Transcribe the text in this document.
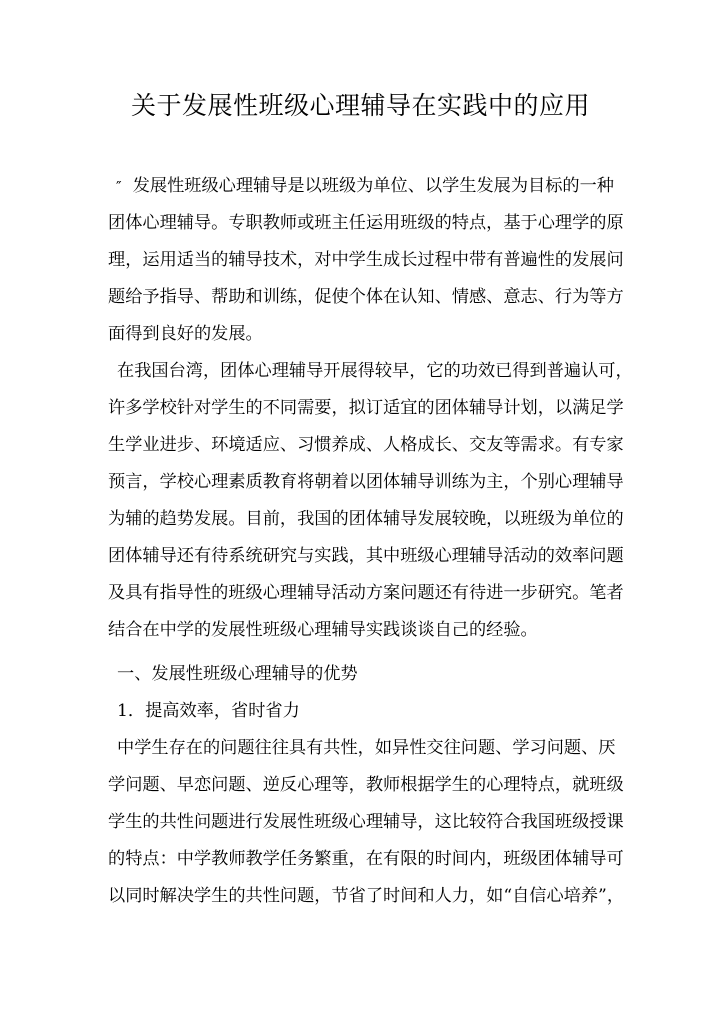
关于发展性班级心理辅导在实践中的应用
″ 发展性班级心理辅导是以班级为单位、以学生发展为目标的一种
团体心理辅导。专职教师或班主任运用班级的特点，基于心理学的原
理，运用适当的辅导技术，对中学生成长过程中带有普遍性的发展问
题给予指导、帮助和训练，促使个体在认知、情感、意志、行为等方
面得到良好的发展。
在我国台湾，团体心理辅导开展得较早，它的功效已得到普遍认可，
许多学校针对学生的不同需要，拟订适宜的团体辅导计划，以满足学
生学业进步、环境适应、习惯养成、人格成长、交友等需求。有专家
预言，学校心理素质教育将朝着以团体辅导训练为主，个别心理辅导
为辅的趋势发展。目前，我国的团体辅导发展较晚，以班级为单位的
团体辅导还有待系统研究与实践，其中班级心理辅导活动的效率问题
及具有指导性的班级心理辅导活动方案问题还有待进一步研究。笔者
结合在中学的发展性班级心理辅导实践谈谈自己的经验。
一、发展性班级心理辅导的优势
1．提高效率，省时省力
中学生存在的问题往往具有共性，如异性交往问题、学习问题、厌
学问题、早恋问题、逆反心理等，教师根据学生的心理特点，就班级
学生的共性问题进行发展性班级心理辅导，这比较符合我国班级授课
的特点：中学教师教学任务繁重，在有限的时间内，班级团体辅导可
以同时解决学生的共性问题，节省了时间和人力，如“自信心培养”，
